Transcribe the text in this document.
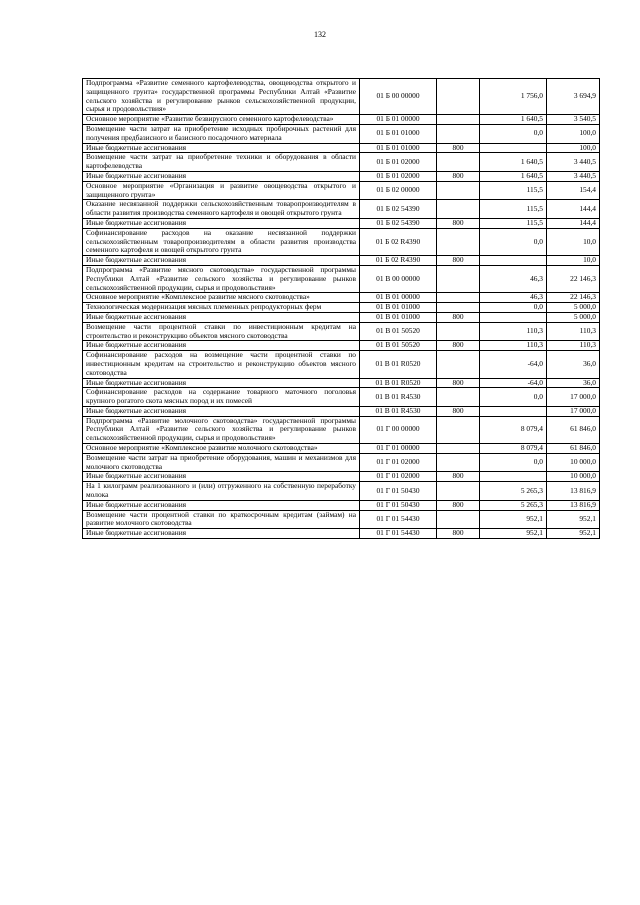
132
Подпрограмма «Развитие семенного картофелеводства, овощеводства открытого и защищенного грунта» государственной программы Республики Алтай «Развитие сельского хозяйства и регулирование рынков сельскохозяйственной продукции, сырья и продовольствия»	01 Б 00 00000		1 756,0	3 694,9
Основное мероприятие «Развитие безвирусного семенного картофелеводства»	01 Б 01 00000		1 640,5	3 540,5
Возмещение части затрат на приобретение исходных пробирочных растений для получения предбазисного и базисного посадочного материала	01 Б 01 01000		0,0	100,0
Иные бюджетные ассигнования	01 Б 01 01000	800		100,0
Возмещение части затрат на приобретение техники и оборудования в области картофелеводства	01 Б 01 02000		1 640,5	3 440,5
Иные бюджетные ассигнования	01 Б 01 02000	800	1 640,5	3 440,5
Основное мероприятие «Организация и развитие овощеводства открытого и защищенного грунта»	01 Б 02 00000		115,5	154,4
Оказание несвязанной поддержки сельскохозяйственным товаропроизводителям в области развития производства семенного картофеля и овощей открытого грунта	01 Б 02 54390		115,5	144,4
Иные бюджетные ассигнования	01 Б 02 54390	800	115,5	144,4
Софинансирование расходов на оказание несвязанной поддержки сельскохозяйственным товаропроизводителям в области развития производства семенного картофеля и овощей открытого грунта	01 Б 02 R4390		0,0	10,0
Иные бюджетные ассигнования	01 Б 02 R4390	800		10,0
Подпрограмма «Развитие мясного скотоводства» государственной программы Республики Алтай «Развитие сельского хозяйства и регулирование рынков сельскохозяйственной продукции, сырья и продовольствия»	01 В 00 00000		46,3	22 146,3
Основное мероприятие «Комплексное развитие мясного скотоводства»	01 В 01 00000		46,3	22 146,3
Технологическая модернизация мясных племенных репродукторных ферм	01 В 01 01000		0,0	5 000,0
Иные бюджетные ассигнования	01 В 01 01000	800		5 000,0
Возмещение части процентной ставки по инвестиционным кредитам на строительство и реконструкцию объектов мясного скотоводства	01 В 01 50520		110,3	110,3
Иные бюджетные ассигнования	01 В 01 50520	800	110,3	110,3
Софинансирование расходов на возмещение части процентной ставки по инвестиционным кредитам на строительство и реконструкцию объектов мясного скотоводства	01 В 01 R0520		-64,0	36,0
Иные бюджетные ассигнования	01 В 01 R0520	800	-64,0	36,0
Софинансирование расходов на содержание товарного маточного поголовья крупного рогатого скота мясных пород и их помесей	01 В 01 R4530		0,0	17 000,0
Иные бюджетные ассигнования	01 В 01 R4530	800		17 000,0
Подпрограмма «Развитие молочного скотоводства» государственной программы Республики Алтай «Развитие сельского хозяйства и регулирование рынков сельскохозяйственной продукции, сырья и продовольствия»	01 Г 00 00000		8 079,4	61 846,0
Основное мероприятие «Комплексное развитие молочного скотоводства»	01 Г 01 00000		8 079,4	61 846,0
Возмещение части затрат на приобретение оборудования, машин и механизмов для молочного скотоводства	01 Г 01 02000		0,0	10 000,0
Иные бюджетные ассигнования	01 Г 01 02000	800		10 000,0
На 1 килограмм реализованного и (или) отгруженного на собственную переработку молока	01 Г 01 50430		5 265,3	13 816,9
Иные бюджетные ассигнования	01 Г 01 50430	800	5 265,3	13 816,9
Возмещение части процентной ставки по краткосрочным кредитам (займам) на развитие молочного скотоводства	01 Г 01 54430		952,1	952,1
Иные бюджетные ассигнования	01 Г 01 54430	800	952,1	952,1
